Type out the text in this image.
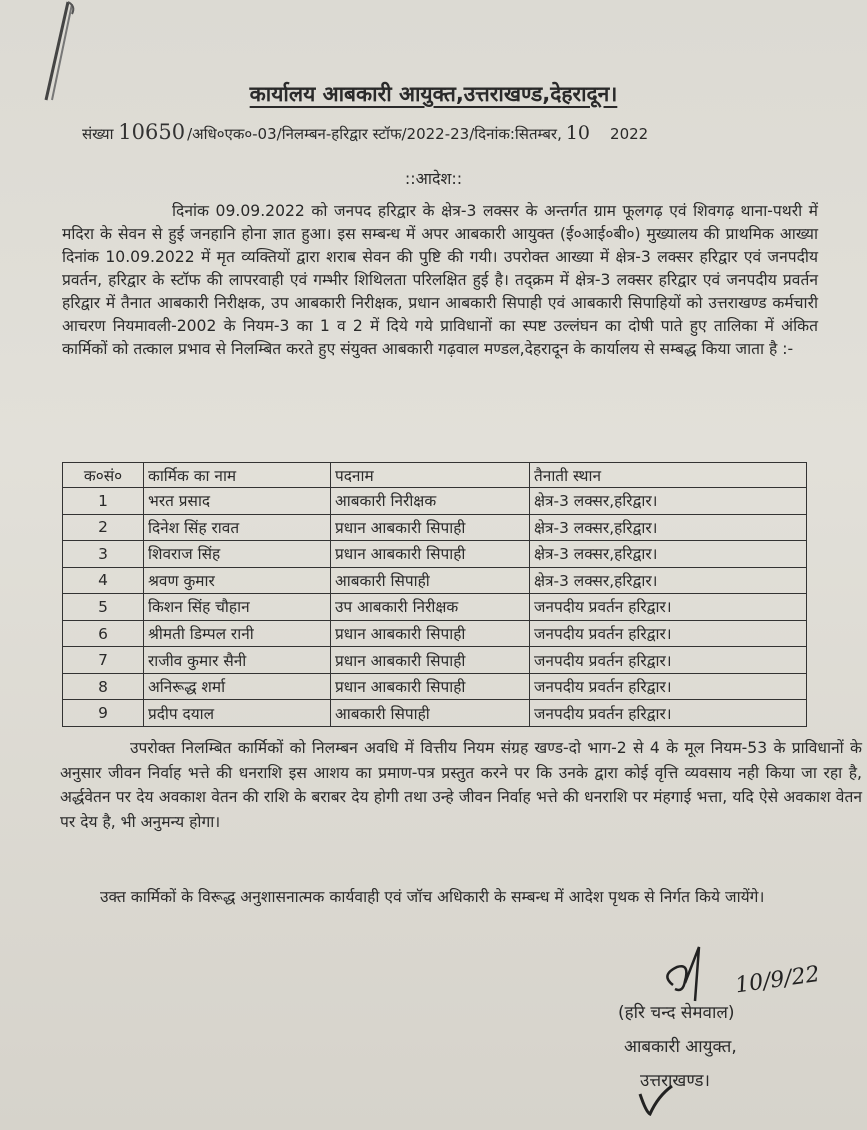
कार्यालय आबकारी आयुक्त,उत्तराखण्ड,देहरादून।
संख्या 10650 /अधि०एक०-03/निलम्बन-हरिद्वार स्टॉफ/2022-23/दिनांक:सितम्बर, 10 2022
::आदेश::
दिनांक 09.09.2022 को जनपद हरिद्वार के क्षेत्र-3 लक्सर के अन्तर्गत ग्राम फूलगढ़ एवं शिवगढ़ थाना-पथरी में मदिरा के सेवन से हुई जनहानि होना ज्ञात हुआ। इस सम्बन्ध में अपर आबकारी आयुक्त (ई०आई०बी०) मुख्यालय की प्राथमिक आख्या दिनांक 10.09.2022 में मृत व्यक्तियों द्वारा शराब सेवन की पुष्टि की गयी। उपरोक्त आख्या में क्षेत्र-3 लक्सर हरिद्वार एवं जनपदीय प्रवर्तन, हरिद्वार के स्टॉफ की लापरवाही एवं गम्भीर शिथिलता परिलक्षित हुई है। तद्क्रम में क्षेत्र-3 लक्सर हरिद्वार एवं जनपदीय प्रवर्तन हरिद्वार में तैनात आबकारी निरीक्षक, उप आबकारी निरीक्षक, प्रधान आबकारी सिपाही एवं आबकारी सिपाहियों को उत्तराखण्ड कर्मचारी आचरण नियमावली-2002 के नियम-3 का 1 व 2 में दिये गये प्राविधानों का स्पष्ट उल्लंघन का दोषी पाते हुए तालिका में अंकित कार्मिकों को तत्काल प्रभाव से निलम्बित करते हुए संयुक्त आबकारी गढ़वाल मण्डल,देहरादून के कार्यालय से सम्बद्ध किया जाता है :-
क०सं०	कार्मिक का नाम	पदनाम	तैनाती स्थान
1	भरत प्रसाद	आबकारी निरीक्षक	क्षेत्र-3 लक्सर,हरिद्वार।
2	दिनेश सिंह रावत	प्रधान आबकारी सिपाही	क्षेत्र-3 लक्सर,हरिद्वार।
3	शिवराज सिंह	प्रधान आबकारी सिपाही	क्षेत्र-3 लक्सर,हरिद्वार।
4	श्रवण कुमार	आबकारी सिपाही	क्षेत्र-3 लक्सर,हरिद्वार।
5	किशन सिंह चौहान	उप आबकारी निरीक्षक	जनपदीय प्रवर्तन हरिद्वार।
6	श्रीमती डिम्पल रानी	प्रधान आबकारी सिपाही	जनपदीय प्रवर्तन हरिद्वार।
7	राजीव कुमार सैनी	प्रधान आबकारी सिपाही	जनपदीय प्रवर्तन हरिद्वार।
8	अनिरूद्ध शर्मा	प्रधान आबकारी सिपाही	जनपदीय प्रवर्तन हरिद्वार।
9	प्रदीप दयाल	आबकारी सिपाही	जनपदीय प्रवर्तन हरिद्वार।
उपरोक्त निलम्बित कार्मिकों को निलम्बन अवधि में वित्तीय नियम संग्रह खण्ड-दो भाग-2 से 4 के मूल नियम-53 के प्राविधानों के अनुसार जीवन निर्वाह भत्ते की धनराशि इस आशय का प्रमाण-पत्र प्रस्तुत करने पर कि उनके द्वारा कोई वृत्ति व्यवसाय नही किया जा रहा है, अर्द्धवेतन पर देय अवकाश वेतन की राशि के बराबर देय होगी तथा उन्हे जीवन निर्वाह भत्ते की धनराशि पर मंहगाई भत्ता, यदि ऐसे अवकाश वेतन पर देय है, भी अनुमन्य होगा।
उक्त कार्मिकों के विरूद्ध अनुशासनात्मक कार्यवाही एवं जॉच अधिकारी के सम्बन्ध में आदेश पृथक से निर्गत किये जायेंगे।
10/9/22
(हरि चन्द सेमवाल)
आबकारी आयुक्त,
उत्तराखण्ड।
